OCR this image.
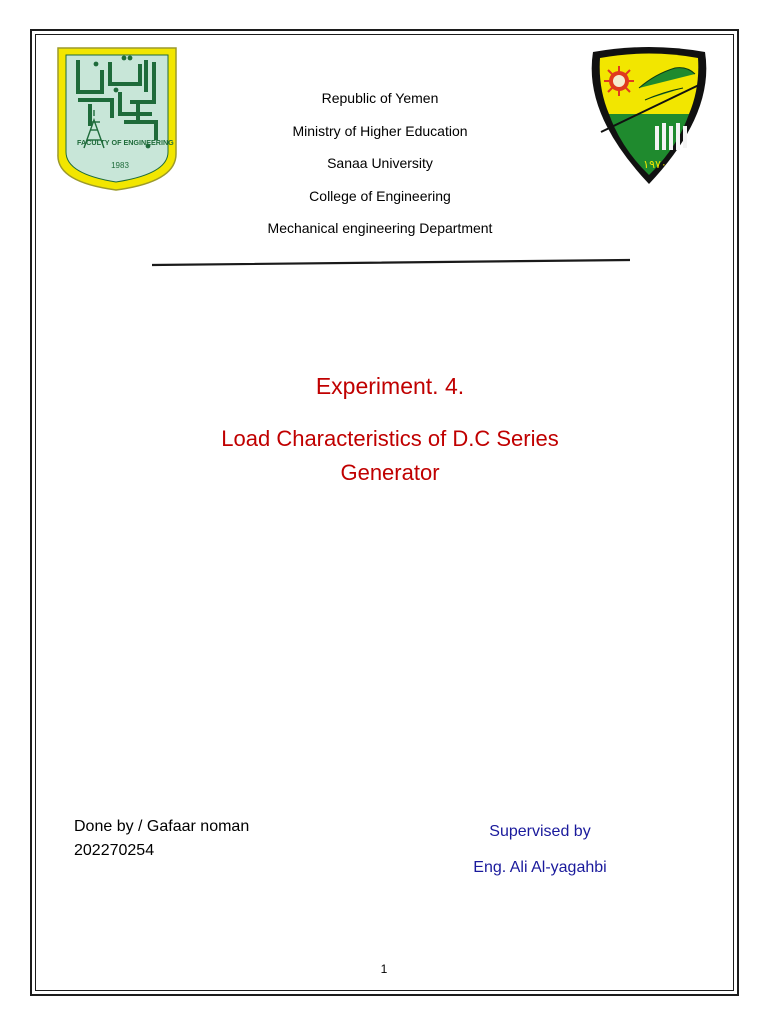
FACULTY OF ENGINEERING
1983	١٩٧٠
Republic of Yemen
Ministry of Higher Education
Sanaa University
College of Engineering
Mechanical engineering Department
Experiment. 4.
Load Characteristics of D.C Series Generator
Done by / Gafaar noman
202270254
Supervised by
Eng. Ali Al-yagahbi
1
